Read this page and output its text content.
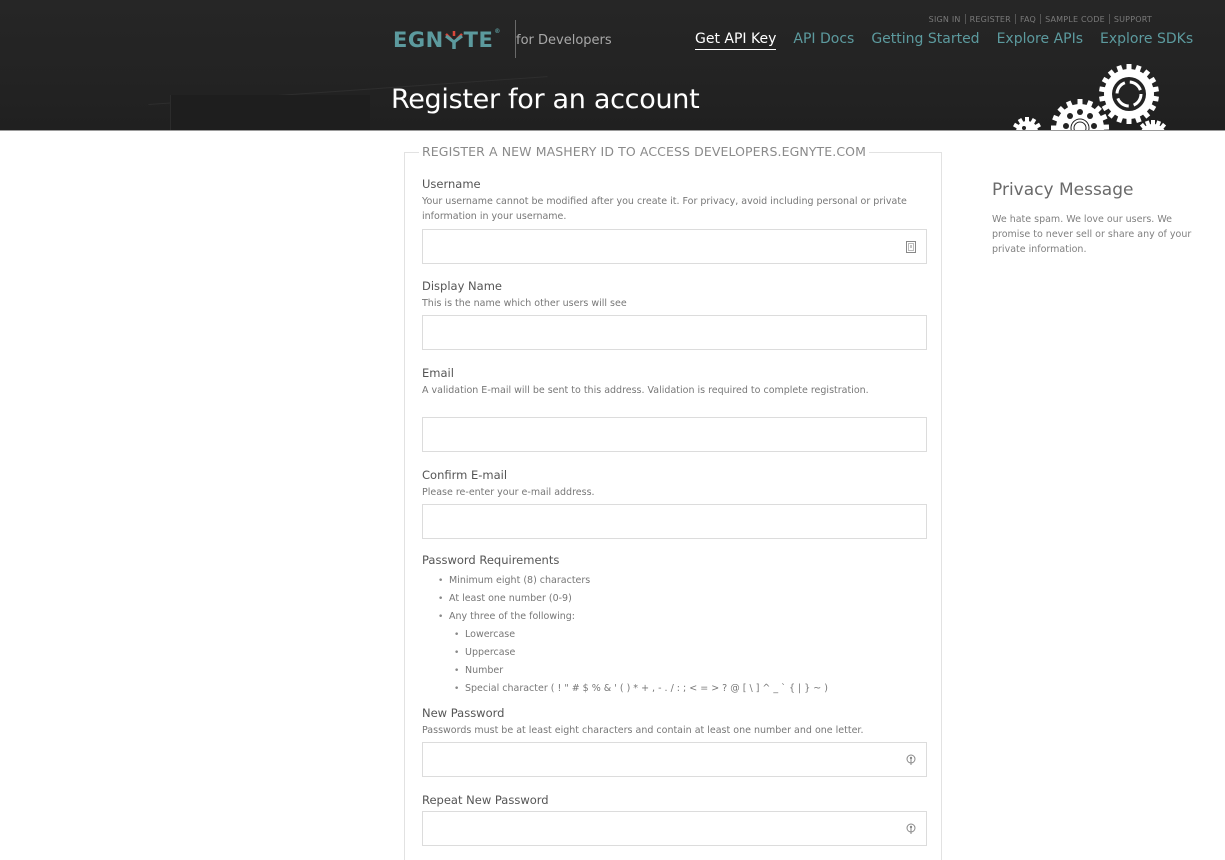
EGN TE®
for Developers
SIGN IN	REGISTER	FAQ	SAMPLE CODE	SUPPORT
Get API Key API Docs Getting Started Explore APIs Explore SDKs
Register for an account
REGISTER A NEW MASHERY ID TO ACCESS DEVELOPERS.EGNYTE.COM
Username
Your username cannot be modified after you create it. For privacy, avoid including personal or private information in your username.
Display Name
This is the name which other users will see
Email
A validation E-mail will be sent to this address. Validation is required to complete registration.
Confirm E-mail
Please re-enter your e-mail address.
Password Requirements
• Minimum eight (8) characters
• At least one number (0-9)
• Any three of the following:
• Lowercase
• Uppercase
• Number
• Special character ( ! " # $ % & ' ( ) * + , - . / : ; < = > ? @ [ \ ] ^ _ ` { | } ~ )
New Password
Passwords must be at least eight characters and contain at least one number and one letter.
Repeat New Password
Privacy Message

We hate spam. We love our users. We promise to never sell or share any of your private information.
